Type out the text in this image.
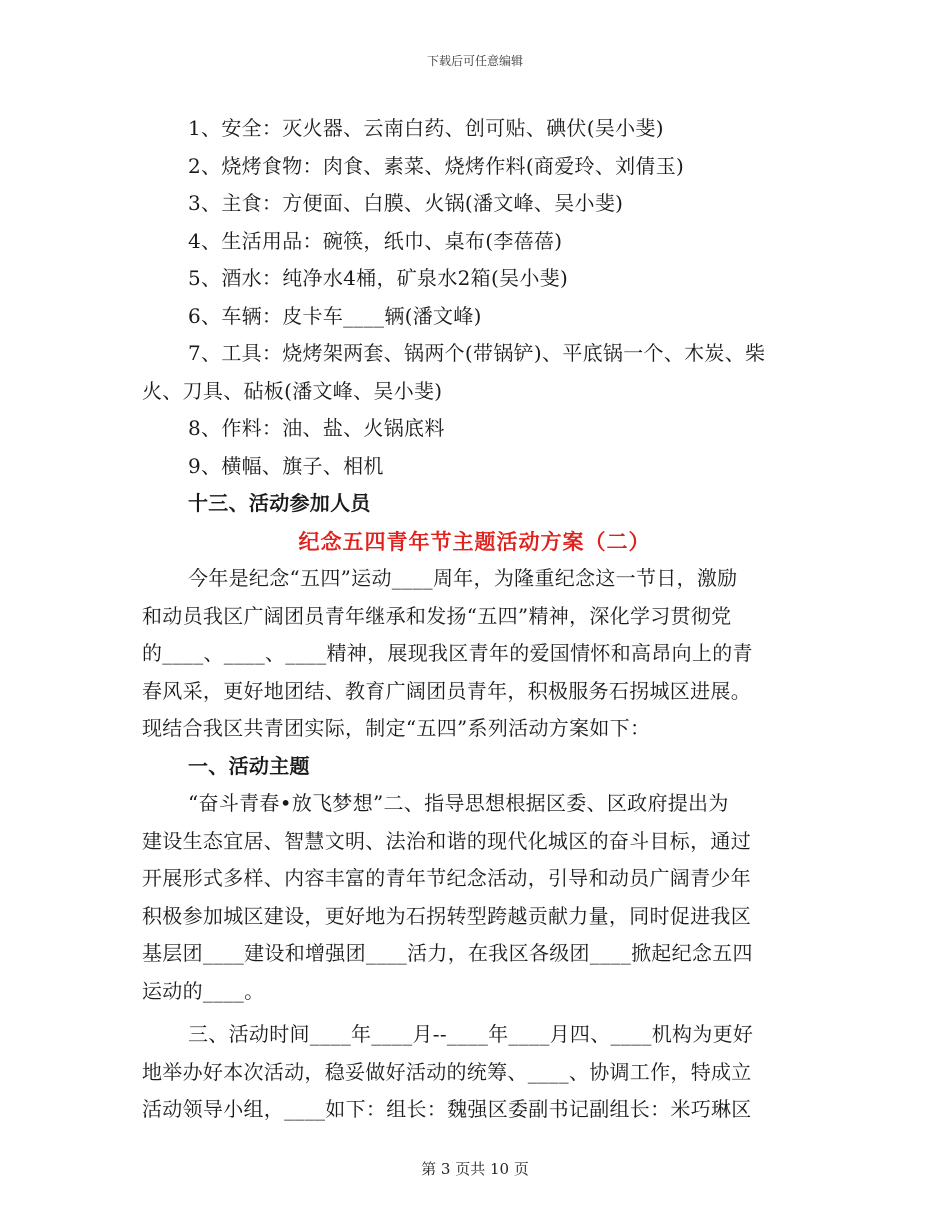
下载后可任意编辑
1、安全：灭火器、云南白药、创可贴、碘伏(吴小斐)
2、烧烤食物：肉食、素菜、烧烤作料(商爱玲、刘倩玉)
3、主食：方便面、白膜、火锅(潘文峰、吴小斐)
4、生活用品：碗筷，纸巾、桌布(李蓓蓓)
5、酒水：纯净水4桶，矿泉水2箱(吴小斐)
6、车辆：皮卡车____辆(潘文峰)
7、工具：烧烤架两套、锅两个(带锅铲)、平底锅一个、木炭、柴
火、刀具、砧板(潘文峰、吴小斐)
8、作料：油、盐、火锅底料
9、横幅、旗子、相机
十三、活动参加人员
纪念五四青年节主题活动方案（二）
今年是纪念“五四”运动____周年，为隆重纪念这一节日，激励
和动员我区广阔团员青年继承和发扬“五四”精神，深化学习贯彻党
的____、____、____精神，展现我区青年的爱国情怀和高昂向上的青
春风采，更好地团结、教育广阔团员青年，积极服务石拐城区进展。
现结合我区共青团实际，制定“五四”系列活动方案如下：
一、活动主题
“奋斗青春•放飞梦想”二、指导思想根据区委、区政府提出为
建设生态宜居、智慧文明、法治和谐的现代化城区的奋斗目标，通过
开展形式多样、内容丰富的青年节纪念活动，引导和动员广阔青少年
积极参加城区建设，更好地为石拐转型跨越贡献力量，同时促进我区
基层团____建设和增强团____活力，在我区各级团____掀起纪念五四
运动的____。
三、活动时间____年____月--____年____月四、____机构为更好
地举办好本次活动，稳妥做好活动的统筹、____、协调工作，特成立
活动领导小组，____如下：组长：魏强区委副书记副组长：米巧琳区
第 3 页共 10 页
